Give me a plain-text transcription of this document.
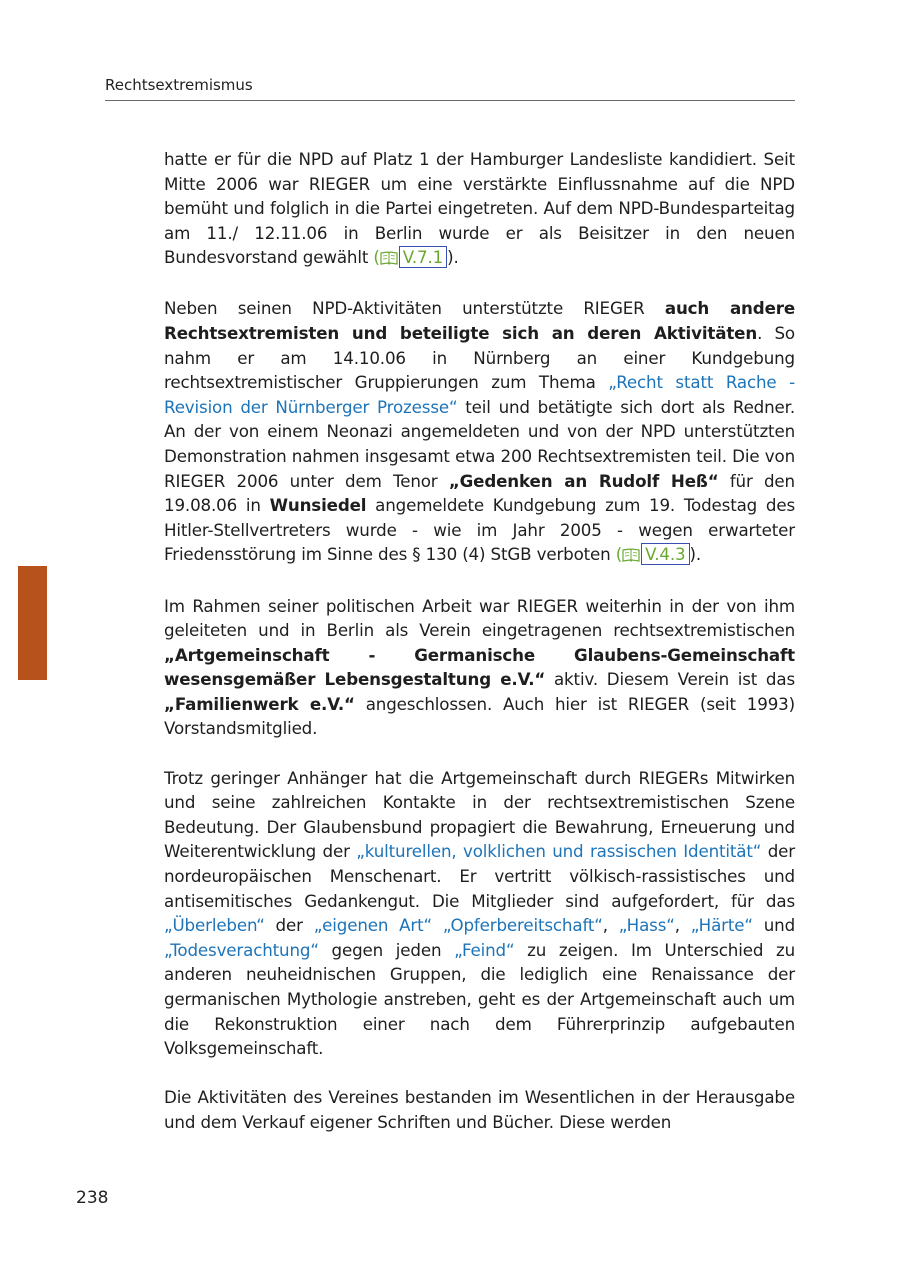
Rechtsextremismus

hatte er für die NPD auf Platz 1 der Hamburger Landesliste kandidiert. Seit Mitte 2006 war RIEGER um eine verstärkte Einflussnahme auf die NPD bemüht und folglich in die Partei eingetreten. Auf dem NPD-Bundesparteitag am 11./ 12.11.06 in Berlin wurde er als Beisitzer in den neuen Bundesvorstand gewählt ( V.7.1 ).

Neben seinen NPD-Aktivitäten unterstützte RIEGER auch andere Rechtsextremisten und beteiligte sich an deren Aktivitäten. So nahm er am 14.10.06 in Nürnberg an einer Kundgebung rechtsextremistischer Gruppierungen zum Thema „Recht statt Rache - Revision der Nürnberger Prozesse“ teil und betätigte sich dort als Redner. An der von einem Neonazi angemeldeten und von der NPD unterstützten Demonstration nahmen insgesamt etwa 200 Rechtsextremisten teil. Die von RIEGER 2006 unter dem Tenor „Gedenken an Rudolf Heß“ für den 19.08.06 in Wunsiedel angemeldete Kundgebung zum 19. Todestag des Hitler-Stellvertreters wurde - wie im Jahr 2005 - wegen erwarteter Friedensstörung im Sinne des § 130 (4) StGB verboten ( V.4.3 ).

Im Rahmen seiner politischen Arbeit war RIEGER weiterhin in der von ihm geleiteten und in Berlin als Verein eingetragenen rechtsextremistischen „Artgemeinschaft - Germanische Glaubens-Gemeinschaft wesensgemäßer Lebensgestaltung e.V.“ aktiv. Diesem Verein ist das „Familienwerk e.V.“ angeschlossen. Auch hier ist RIEGER (seit 1993) Vorstandsmitglied.

Trotz geringer Anhänger hat die Artgemeinschaft durch RIEGERs Mitwirken und seine zahlreichen Kontakte in der rechtsextremistischen Szene Bedeutung. Der Glaubensbund propagiert die Bewahrung, Erneuerung und Weiterentwicklung der „kulturellen, volklichen und rassischen Identität“ der nordeuropäischen Menschenart. Er vertritt völkisch-rassistisches und antisemitisches Gedankengut. Die Mitglieder sind aufgefordert, für das „Überleben“ der „eigenen Art“ „Opferbereitschaft“, „Hass“, „Härte“ und „Todesverachtung“ gegen jeden „Feind“ zu zeigen. Im Unterschied zu anderen neuheidnischen Gruppen, die lediglich eine Renaissance der germanischen Mythologie anstreben, geht es der Artgemeinschaft auch um die Rekonstruktion einer nach dem Führerprinzip aufgebauten Volksgemeinschaft.

Die Aktivitäten des Vereines bestanden im Wesentlichen in der Herausgabe und dem Verkauf eigener Schriften und Bücher. Diese werden

238
